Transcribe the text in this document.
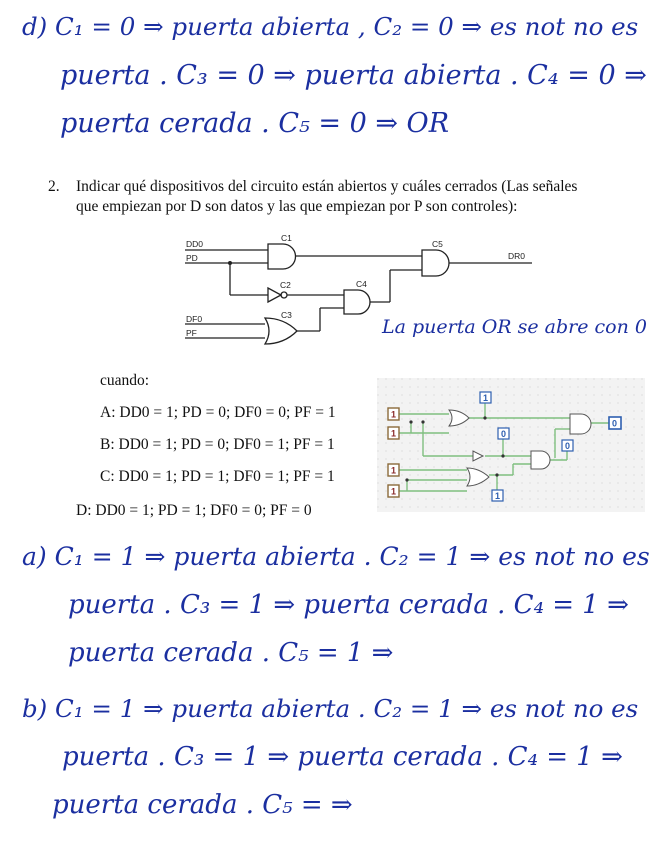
d) C₁ = 0 ⇒ puerta abierta , C₂ = 0 ⇒ es not no es
puerta . C₃ = 0 ⇒ puerta abierta . C₄ = 0 ⇒
puerta cerada . C₅ = 0 ⇒ OR
2. Indicar qué dispositivos del circuito están abiertos y cuáles cerrados (Las señales
que empiezan por D son datos y las que empiezan por P son controles):
DD0
PD
DF0
PF
C1
C2
C3
C4
C5
DR0
La puerta OR se abre con 0
cuando:
A: DD0 = 1; PD = 0; DF0 = 0; PF = 1
B: DD0 = 1; PD = 0; DF0 = 1; PF = 1
C: DD0 = 1; PD = 1; DF0 = 1; PF = 1
D: DD0 = 1; PD = 1; DF0 = 0; PF = 0
1
1
1
1
1
0
1
0
0
a) C₁ = 1 ⇒ puerta abierta . C₂ = 1 ⇒ es not no es
puerta . C₃ = 1 ⇒ puerta cerada . C₄ = 1 ⇒
puerta cerada . C₅ = 1 ⇒
b) C₁ = 1 ⇒ puerta abierta . C₂ = 1 ⇒ es not no es
puerta . C₃ = 1 ⇒ puerta cerada . C₄ = 1 ⇒
puerta cerada . C₅ = ⇒
